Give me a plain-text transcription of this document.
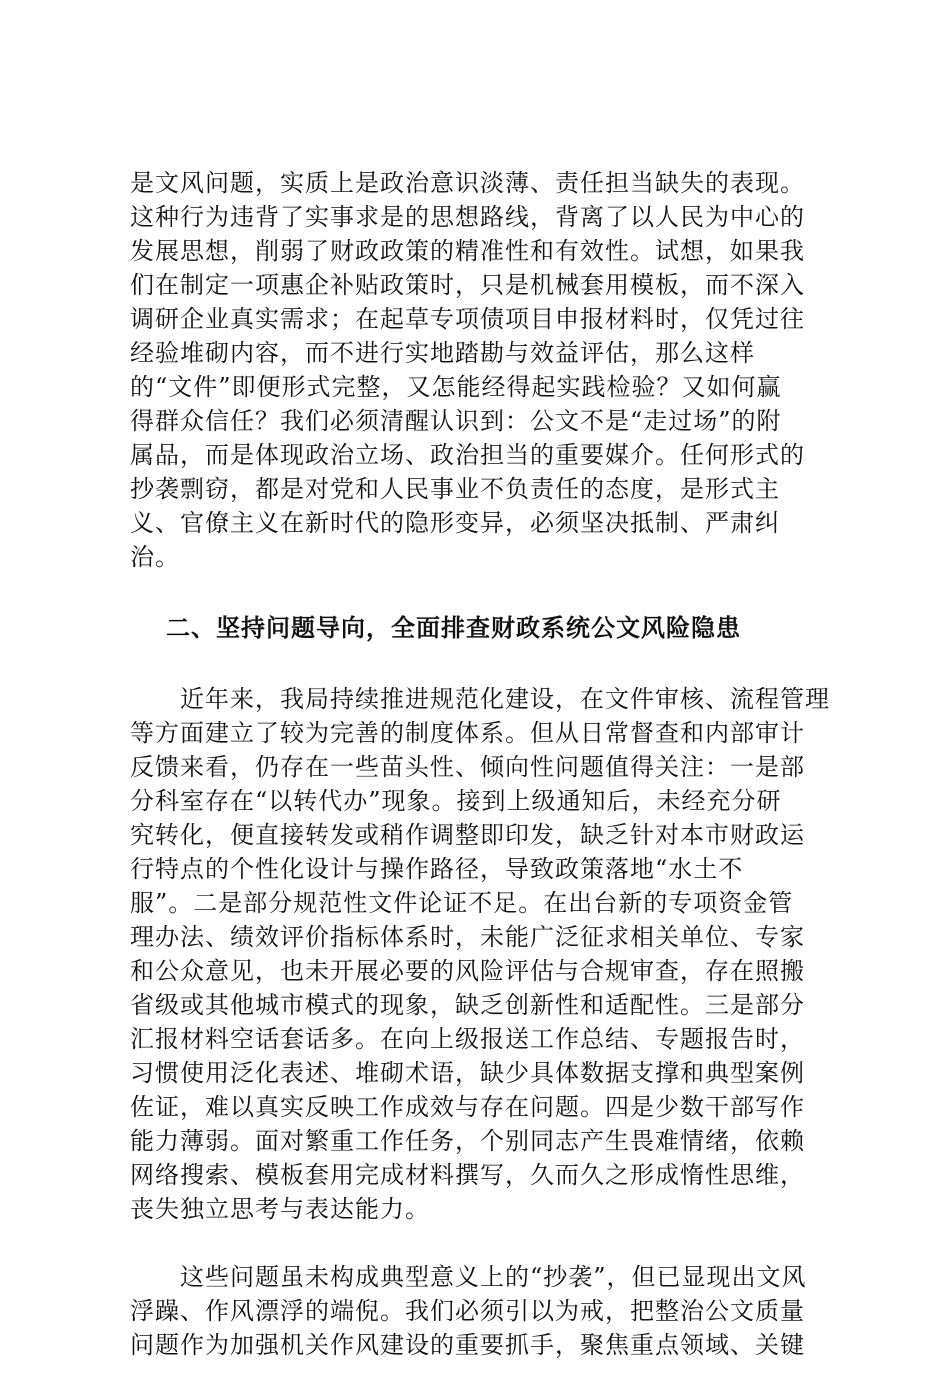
是文风问题，实质上是政治意识淡薄、责任担当缺失的表现。
这种行为违背了实事求是的思想路线，背离了以人民为中心的
发展思想，削弱了财政政策的精准性和有效性。试想，如果我
们在制定一项惠企补贴政策时，只是机械套用模板，而不深入
调研企业真实需求；在起草专项债项目申报材料时，仅凭过往
经验堆砌内容，而不进行实地踏勘与效益评估，那么这样
的“文件”即便形式完整，又怎能经得起实践检验？又如何赢
得群众信任？我们必须清醒认识到：公文不是“走过场”的附
属品，而是体现政治立场、政治担当的重要媒介。任何形式的
抄袭剽窃，都是对党和人民事业不负责任的态度，是形式主
义、官僚主义在新时代的隐形变异，必须坚决抵制、严肃纠
治。
二、坚持问题导向，全面排查财政系统公文风险隐患
　　近年来，我局持续推进规范化建设，在文件审核、流程管理
等方面建立了较为完善的制度体系。但从日常督查和内部审计
反馈来看，仍存在一些苗头性、倾向性问题值得关注：一是部
分科室存在“以转代办”现象。接到上级通知后，未经充分研
究转化，便直接转发或稍作调整即印发，缺乏针对本市财政运
行特点的个性化设计与操作路径，导致政策落地“水土不
服”。二是部分规范性文件论证不足。在出台新的专项资金管
理办法、绩效评价指标体系时，未能广泛征求相关单位、专家
和公众意见，也未开展必要的风险评估与合规审查，存在照搬
省级或其他城市模式的现象，缺乏创新性和适配性。三是部分
汇报材料空话套话多。在向上级报送工作总结、专题报告时，
习惯使用泛化表述、堆砌术语，缺少具体数据支撑和典型案例
佐证，难以真实反映工作成效与存在问题。四是少数干部写作
能力薄弱。面对繁重工作任务，个别同志产生畏难情绪，依赖
网络搜索、模板套用完成材料撰写，久而久之形成惰性思维，
丧失独立思考与表达能力。
　　这些问题虽未构成典型意义上的“抄袭”，但已显现出文风
浮躁、作风漂浮的端倪。我们必须引以为戒，把整治公文质量
问题作为加强机关作风建设的重要抓手，聚焦重点领域、关键
